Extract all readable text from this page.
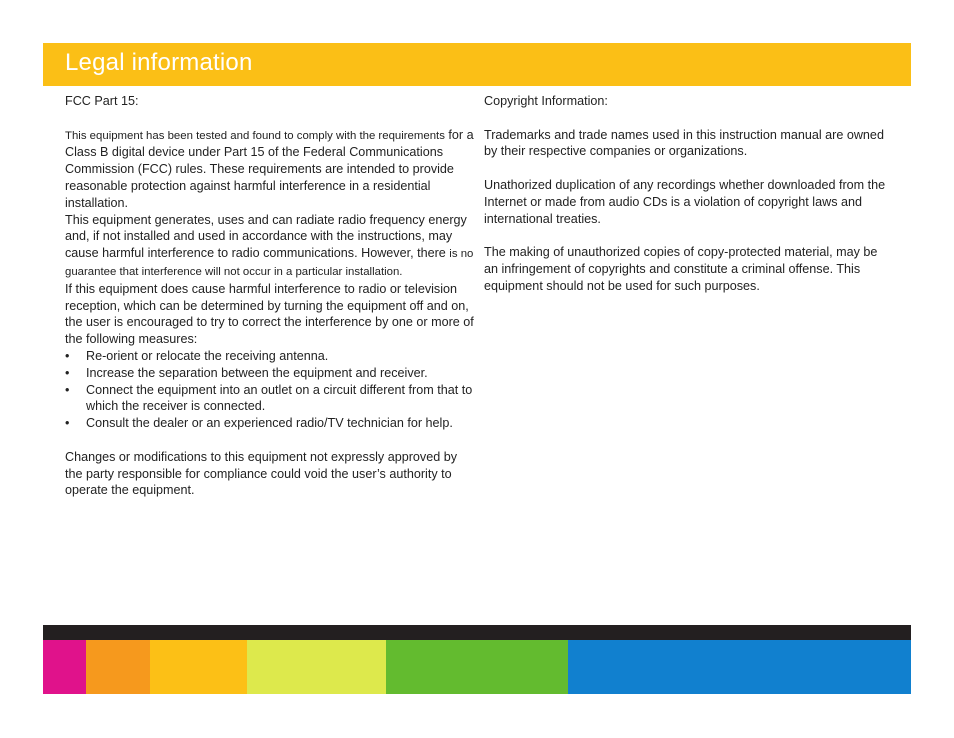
Legal information

FCC Part 15:

This equipment has been tested and found to comply with the requirements for a Class B digital device under Part 15 of the Federal Communications Commission (FCC) rules. These requirements are intended to provide reasonable protection against harmful interference in a residential installation.

This equipment generates, uses and can radiate radio frequency energy and, if not installed and used in accordance with the instructions, may cause harmful interference to radio communications. However, there is no guarantee that interference will not occur in a particular installation.

If this equipment does cause harmful interference to radio or television reception, which can be determined by turning the equipment off and on, the user is encouraged to try to correct the interference by one or more of the following measures:

• Re-orient or relocate the receiving antenna.
• Increase the separation between the equipment and receiver.
• Connect the equipment into an outlet on a circuit different from that to which the receiver is connected.
• Consult the dealer or an experienced radio/TV technician for help.

Changes or modifications to this equipment not expressly approved by the party responsible for compliance could void the user’s authority to operate the equipment.

Copyright Information:

Trademarks and trade names used in this instruction manual are owned by their respective companies or organizations.

Unathorized duplication of any recordings whether downloaded from the Internet or made from audio CDs is a violation of copyright laws and international treaties.

The making of unauthorized copies of copy-protected material, may be an infringement of copyrights and constitute a criminal offense. This equipment should not be used for such purposes.
